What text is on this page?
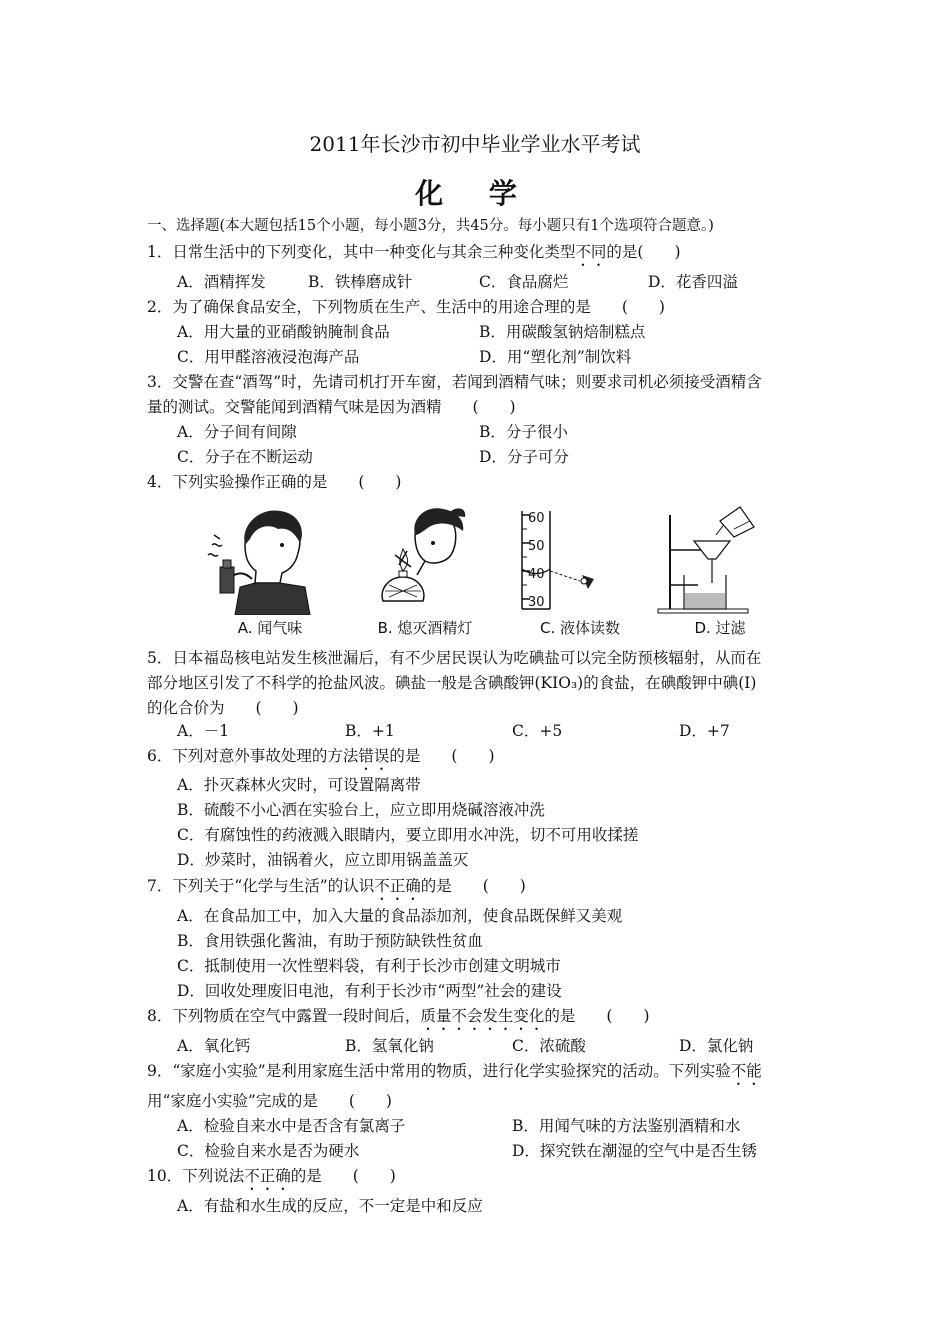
2011年长沙市初中毕业学业水平考试
化 学
一、选择题(本大题包括15个小题，每小题3分，共45分。每小题只有1个选项符合题意。)
1．日常生活中的下列变化，其中一种变化与其余三种变化类型不同的是(　　)
A．酒精挥发	B．铁棒磨成针	C．食品腐烂	D．花香四溢
2．为了确保食品安全，下列物质在生产、生活中的用途合理的是　　(　　)
A．用大量的亚硝酸钠腌制食品	B．用碳酸氢钠焙制糕点
C．用甲醛溶液浸泡海产品	D．用“塑化剂”制饮料
3．交警在查“酒驾”时，先请司机打开车窗，若闻到酒精气味；则要求司机必须接受酒精含
量的测试。交警能闻到酒精气味是因为酒精　　(　　)
A．分子间有间隙	B．分子很小
C．分子在不断运动	D．分子可分
4．下列实验操作正确的是　　(　　)
A. 闻气味	B. 熄灭酒精灯
60
50
40
30
C. 液体读数	D. 过滤
5．日本福岛核电站发生核泄漏后，有不少居民误认为吃碘盐可以完全防预核辐射，从而在
部分地区引发了不科学的抢盐风波。碘盐一般是含碘酸钾(KIO₃)的食盐，在碘酸钾中碘(I)
的化合价为　　(　　)
A．－1	B．+1	C．+5	D．+7
6．下列对意外事故处理的方法错误的是　　(　　)
A．扑灭森林火灾时，可设置隔离带
B．硫酸不小心洒在实验台上，应立即用烧碱溶液冲洗
C．有腐蚀性的药液溅入眼睛内，要立即用水冲洗，切不可用收揉搓
D．炒菜时，油锅着火，应立即用锅盖盖灭
7．下列关于“化学与生活”的认识不正确的是　　(　　)
A．在食品加工中，加入大量的食品添加剂，使食品既保鲜又美观
B．食用铁强化酱油，有助于预防缺铁性贫血
C．抵制使用一次性塑料袋，有利于长沙市创建文明城市
D．回收处理废旧电池，有利于长沙市“两型”社会的建设
8．下列物质在空气中露置一段时间后，质量不会发生变化的是　　(　　)
A．氧化钙	B．氢氧化钠	C．浓硫酸	D．氯化钠
9．“家庭小实验”是利用家庭生活中常用的物质，进行化学实验探究的活动。下列实验不能
用“家庭小实验”完成的是　　(　　)
A．检验自来水中是否含有氯离子	B．用闻气味的方法鉴别酒精和水
C．检验自来水是否为硬水	D．探究铁在潮湿的空气中是否生锈
10．下列说法不正确的是　　(　　)
A．有盐和水生成的反应，不一定是中和反应
